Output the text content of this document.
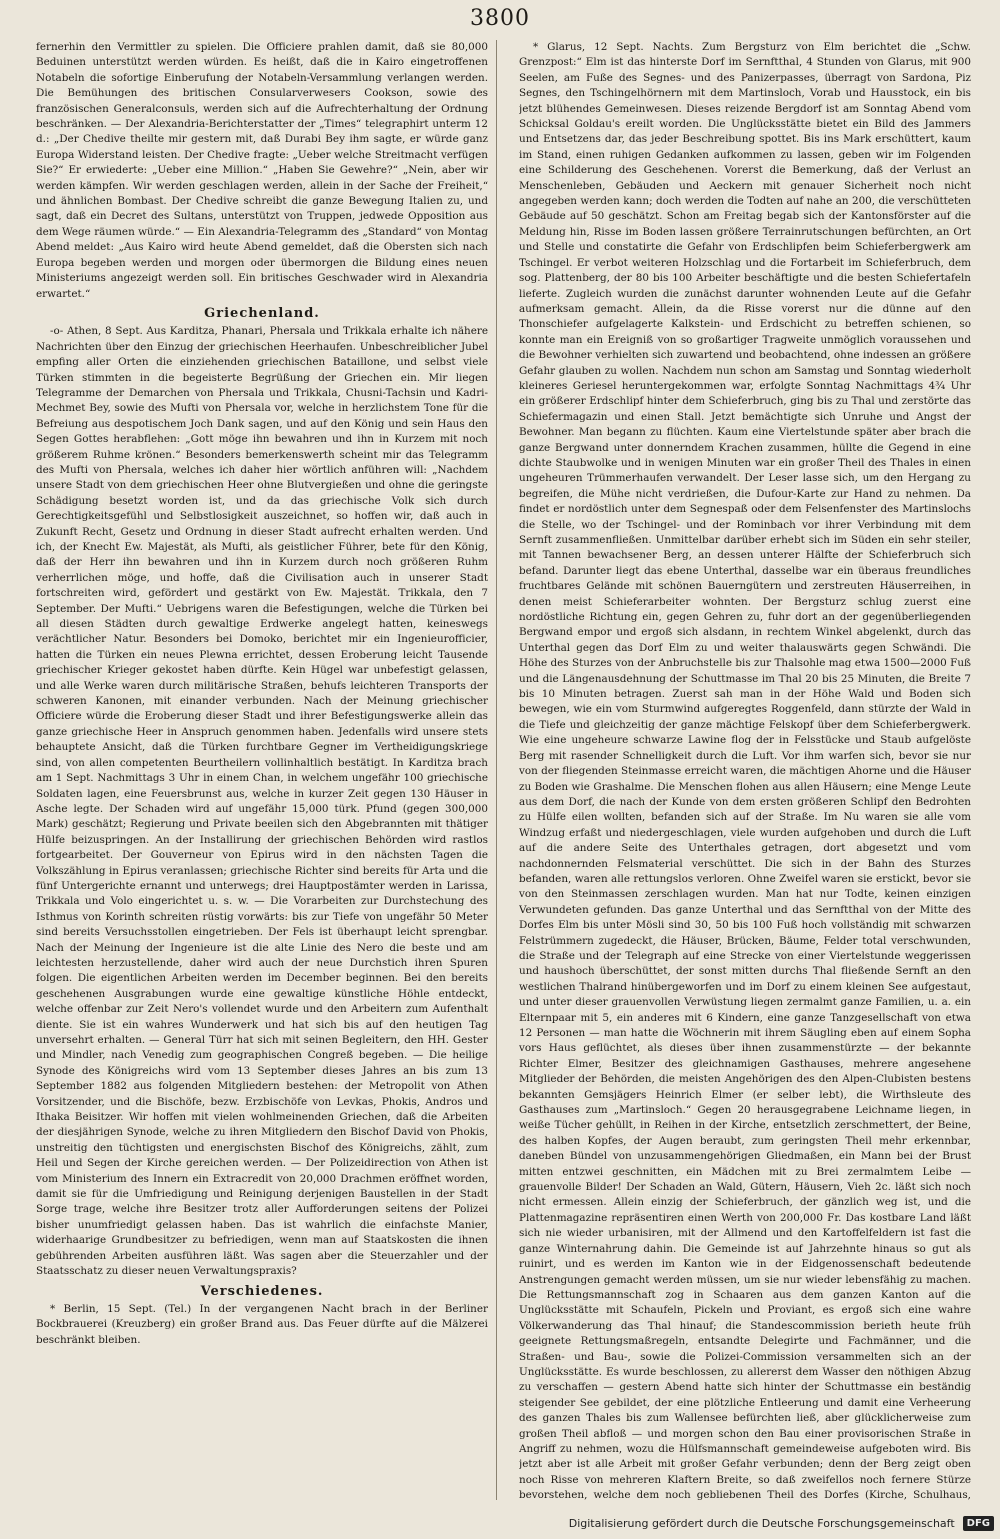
3800

fernerhin den Vermittler zu spielen. Die Officiere prahlen damit, daß sie 80,000 Beduinen unterstützt werden würden. Es heißt, daß die in Kairo eingetroffenen Notabeln die sofortige Einberufung der Notabeln-Versammlung verlangen werden. Die Bemühungen des britischen Consularverwesers Cookson, sowie des französischen Generalconsuls, werden sich auf die Aufrechterhaltung der Ordnung beschränken. — Der Alexandria-Berichterstatter der „Times“ telegraphirt unterm 12 d.: „Der Chedive theilte mir gestern mit, daß Durabi Bey ihm sagte, er würde ganz Europa Widerstand leisten. Der Chedive fragte: „Ueber welche Streitmacht verfügen Sie?“ Er erwiederte: „Ueber eine Million.“ „Haben Sie Gewehre?“ „Nein, aber wir werden kämpfen. Wir werden geschlagen werden, allein in der Sache der Freiheit,“ und ähnlichen Bombast. Der Chedive schreibt die ganze Bewegung Italien zu, und sagt, daß ein Decret des Sultans, unterstützt von Truppen, jedwede Opposition aus dem Wege räumen würde.“ — Ein Alexandria-Telegramm des „Standard“ von Montag Abend meldet: „Aus Kairo wird heute Abend gemeldet, daß die Obersten sich nach Europa begeben werden und morgen oder übermorgen die Bildung eines neuen Ministeriums angezeigt werden soll. Ein britisches Geschwader wird in Alexandria erwartet.“

Griechenland.

-o- Athen, 8 Sept. Aus Karditza, Phanari, Phersala und Trikkala erhalte ich nähere Nachrichten über den Einzug der griechischen Heerhaufen. Unbeschreiblicher Jubel empfing aller Orten die einziehenden griechischen Bataillone, und selbst viele Türken stimmten in die begeisterte Begrüßung der Griechen ein. Mir liegen Telegramme der Demarchen von Phersala und Trikkala, Chusni-Tachsin und Kadri-Mechmet Bey, sowie des Mufti von Phersala vor, welche in herzlichstem Tone für die Befreiung aus despotischem Joch Dank sagen, und auf den König und sein Haus den Segen Gottes herabflehen: „Gott möge ihn bewahren und ihn in Kurzem mit noch größerem Ruhme krönen.“ Besonders bemerkenswerth scheint mir das Telegramm des Mufti von Phersala, welches ich daher hier wörtlich anführen will: „Nachdem unsere Stadt von dem griechischen Heer ohne Blutvergießen und ohne die geringste Schädigung besetzt worden ist, und da das griechische Volk sich durch Gerechtigkeitsgefühl und Selbstlosigkeit auszeichnet, so hoffen wir, daß auch in Zukunft Recht, Gesetz und Ordnung in dieser Stadt aufrecht erhalten werden. Und ich, der Knecht Ew. Majestät, als Mufti, als geistlicher Führer, bete für den König, daß der Herr ihn bewahren und ihn in Kurzem durch noch größeren Ruhm verherrlichen möge, und hoffe, daß die Civilisation auch in unserer Stadt fortschreiten wird, gefördert und gestärkt von Ew. Majestät. Trikkala, den 7 September. Der Mufti.“ Uebrigens waren die Befestigungen, welche die Türken bei all diesen Städten durch gewaltige Erdwerke angelegt hatten, keineswegs verächtlicher Natur. Besonders bei Domoko, berichtet mir ein Ingenieurofficier, hatten die Türken ein neues Plewna errichtet, dessen Eroberung leicht Tausende griechischer Krieger gekostet haben dürfte. Kein Hügel war unbefestigt gelassen, und alle Werke waren durch militärische Straßen, behufs leichteren Transports der schweren Kanonen, mit einander verbunden. Nach der Meinung griechischer Officiere würde die Eroberung dieser Stadt und ihrer Befestigungswerke allein das ganze griechische Heer in Anspruch genommen haben. Jedenfalls wird unsere stets behauptete Ansicht, daß die Türken furchtbare Gegner im Vertheidigungskriege sind, von allen competenten Beurtheilern vollinhaltlich bestätigt. In Karditza brach am 1 Sept. Nachmittags 3 Uhr in einem Chan, in welchem ungefähr 100 griechische Soldaten lagen, eine Feuersbrunst aus, welche in kurzer Zeit gegen 130 Häuser in Asche legte. Der Schaden wird auf ungefähr 15,000 türk. Pfund (gegen 300,000 Mark) geschätzt; Regierung und Private beeilen sich den Abgebrannten mit thätiger Hülfe beizuspringen. An der Installirung der griechischen Behörden wird rastlos fortgearbeitet. Der Gouverneur von Epirus wird in den nächsten Tagen die Volkszählung in Epirus veranlassen; griechische Richter sind bereits für Arta und die fünf Untergerichte ernannt und unterwegs; drei Hauptpostämter werden in Larissa, Trikkala und Volo eingerichtet u. s. w. — Die Vorarbeiten zur Durchstechung des Isthmus von Korinth schreiten rüstig vorwärts: bis zur Tiefe von ungefähr 50 Meter sind bereits Versuchsstollen eingetrieben. Der Fels ist überhaupt leicht sprengbar. Nach der Meinung der Ingenieure ist die alte Linie des Nero die beste und am leichtesten herzustellende, daher wird auch der neue Durchstich ihren Spuren folgen. Die eigentlichen Arbeiten werden im December beginnen. Bei den bereits geschehenen Ausgrabungen wurde eine gewaltige künstliche Höhle entdeckt, welche offenbar zur Zeit Nero's vollendet wurde und den Arbeitern zum Aufenthalt diente. Sie ist ein wahres Wunderwerk und hat sich bis auf den heutigen Tag unversehrt erhalten. — General Türr hat sich mit seinen Begleitern, den HH. Gester und Mindler, nach Venedig zum geographischen Congreß begeben. — Die heilige Synode des Königreichs wird vom 13 September dieses Jahres an bis zum 13 September 1882 aus folgenden Mitgliedern bestehen: der Metropolit von Athen Vorsitzender, und die Bischöfe, bezw. Erzbischöfe von Levkas, Phokis, Andros und Ithaka Beisitzer. Wir hoffen mit vielen wohlmeinenden Griechen, daß die Arbeiten der diesjährigen Synode, welche zu ihren Mitgliedern den Bischof David von Phokis, unstreitig den tüchtigsten und energischsten Bischof des Königreichs, zählt, zum Heil und Segen der Kirche gereichen werden. — Der Polizeidirection von Athen ist vom Ministerium des Innern ein Extracredit von 20,000 Drachmen eröffnet worden, damit sie für die Umfriedigung und Reinigung derjenigen Baustellen in der Stadt Sorge trage, welche ihre Besitzer trotz aller Aufforderungen seitens der Polizei bisher unumfriedigt gelassen haben. Das ist wahrlich die einfachste Manier, widerhaarige Grundbesitzer zu befriedigen, wenn man auf Staatskosten die ihnen gebührenden Arbeiten ausführen läßt. Was sagen aber die Steuerzahler und der Staatsschatz zu dieser neuen Verwaltungspraxis?

Verschiedenes.

* Berlin, 15 Sept. (Tel.) In der vergangenen Nacht brach in der Berliner Bockbrauerei (Kreuzberg) ein großer Brand aus. Das Feuer dürfte auf die Mälzerei beschränkt bleiben.

* Glarus, 12 Sept. Nachts. Zum Bergsturz von Elm berichtet die „Schw. Grenzpost:“ Elm ist das hinterste Dorf im Sernftthal, 4 Stunden von Glarus, mit 900 Seelen, am Fuße des Segnes- und des Panizerpasses, überragt von Sardona, Piz Segnes, den Tschingelhörnern mit dem Martinsloch, Vorab und Hausstock, ein bis jetzt blühendes Gemeinwesen. Dieses reizende Bergdorf ist am Sonntag Abend vom Schicksal Goldau's ereilt worden. Die Unglücksstätte bietet ein Bild des Jammers und Entsetzens dar, das jeder Beschreibung spottet. Bis ins Mark erschüttert, kaum im Stand, einen ruhigen Gedanken aufkommen zu lassen, geben wir im Folgenden eine Schilderung des Geschehenen. Vorerst die Bemerkung, daß der Verlust an Menschenleben, Gebäuden und Aeckern mit genauer Sicherheit noch nicht angegeben werden kann; doch werden die Todten auf nahe an 200, die verschütteten Gebäude auf 50 geschätzt. Schon am Freitag begab sich der Kantonsförster auf die Meldung hin, Risse im Boden lassen größere Terrainrutschungen befürchten, an Ort und Stelle und constatirte die Gefahr von Erdschlipfen beim Schieferbergwerk am Tschingel. Er verbot weiteren Holzschlag und die Fortarbeit im Schieferbruch, dem sog. Plattenberg, der 80 bis 100 Arbeiter beschäftigte und die besten Schiefertafeln lieferte. Zugleich wurden die zunächst darunter wohnenden Leute auf die Gefahr aufmerksam gemacht. Allein, da die Risse vorerst nur die dünne auf den Thonschiefer aufgelagerte Kalkstein- und Erdschicht zu betreffen schienen, so konnte man ein Ereigniß von so großartiger Tragweite unmöglich voraussehen und die Bewohner verhielten sich zuwartend und beobachtend, ohne indessen an größere Gefahr glauben zu wollen. Nachdem nun schon am Samstag und Sonntag wiederholt kleineres Geriesel heruntergekommen war, erfolgte Sonntag Nachmittags 4¾ Uhr ein größerer Erdschlipf hinter dem Schieferbruch, ging bis zu Thal und zerstörte das Schiefermagazin und einen Stall. Jetzt bemächtigte sich Unruhe und Angst der Bewohner. Man begann zu flüchten. Kaum eine Viertelstunde später aber brach die ganze Bergwand unter donnerndem Krachen zusammen, hüllte die Gegend in eine dichte Staubwolke und in wenigen Minuten war ein großer Theil des Thales in einen ungeheuren Trümmerhaufen verwandelt. Der Leser lasse sich, um den Hergang zu begreifen, die Mühe nicht verdrießen, die Dufour-Karte zur Hand zu nehmen. Da findet er nordöstlich unter dem Segnespaß oder dem Felsenfenster des Martinslochs die Stelle, wo der Tschingel- und der Rominbach vor ihrer Verbindung mit dem Sernft zusammenfließen. Unmittelbar darüber erhebt sich im Süden ein sehr steiler, mit Tannen bewachsener Berg, an dessen unterer Hälfte der Schieferbruch sich befand. Darunter liegt das ebene Unterthal, dasselbe war ein überaus freundliches fruchtbares Gelände mit schönen Bauerngütern und zerstreuten Häuserreihen, in denen meist Schieferarbeiter wohnten. Der Bergsturz schlug zuerst eine nordöstliche Richtung ein, gegen Gehren zu, fuhr dort an der gegenüberliegenden Bergwand empor und ergoß sich alsdann, in rechtem Winkel abgelenkt, durch das Unterthal gegen das Dorf Elm zu und weiter thalauswärts gegen Schwändi. Die Höhe des Sturzes von der Anbruchstelle bis zur Thalsohle mag etwa 1500—2000 Fuß und die Längenausdehnung der Schuttmasse im Thal 20 bis 25 Minuten, die Breite 7 bis 10 Minuten betragen. Zuerst sah man in der Höhe Wald und Boden sich bewegen, wie ein vom Sturmwind aufgeregtes Roggenfeld, dann stürzte der Wald in die Tiefe und gleichzeitig der ganze mächtige Felskopf über dem Schieferbergwerk. Wie eine ungeheure schwarze Lawine flog der in Felsstücke und Staub aufgelöste Berg mit rasender Schnelligkeit durch die Luft. Vor ihm warfen sich, bevor sie nur von der fliegenden Steinmasse erreicht waren, die mächtigen Ahorne und die Häuser zu Boden wie Grashalme. Die Menschen flohen aus allen Häusern; eine Menge Leute aus dem Dorf, die nach der Kunde von dem ersten größeren Schlipf den Bedrohten zu Hülfe eilen wollten, befanden sich auf der Straße. Im Nu waren sie alle vom Windzug erfaßt und niedergeschlagen, viele wurden aufgehoben und durch die Luft auf die andere Seite des Unterthales getragen, dort abgesetzt und vom nachdonnernden Felsmaterial verschüttet. Die sich in der Bahn des Sturzes befanden, waren alle rettungslos verloren. Ohne Zweifel waren sie erstickt, bevor sie von den Steinmassen zerschlagen wurden. Man hat nur Todte, keinen einzigen Verwundeten gefunden. Das ganze Unterthal und das Sernftthal von der Mitte des Dorfes Elm bis unter Mösli sind 30, 50 bis 100 Fuß hoch vollständig mit schwarzen Felstrümmern zugedeckt, die Häuser, Brücken, Bäume, Felder total verschwunden, die Straße und der Telegraph auf eine Strecke von einer Viertelstunde weggerissen und haushoch überschüttet, der sonst mitten durchs Thal fließende Sernft an den westlichen Thalrand hinübergeworfen und im Dorf zu einem kleinen See aufgestaut, und unter dieser grauenvollen Verwüstung liegen zermalmt ganze Familien, u. a. ein Elternpaar mit 5, ein anderes mit 6 Kindern, eine ganze Tanzgesellschaft von etwa 12 Personen — man hatte die Wöchnerin mit ihrem Säugling eben auf einem Sopha vors Haus geflüchtet, als dieses über ihnen zusammenstürzte — der bekannte Richter Elmer, Besitzer des gleichnamigen Gasthauses, mehrere angesehene Mitglieder der Behörden, die meisten Angehörigen des den Alpen-Clubisten bestens bekannten Gemsjägers Heinrich Elmer (er selber lebt), die Wirthsleute des Gasthauses zum „Martinsloch.“ Gegen 20 herausgegrabene Leichname liegen, in weiße Tücher gehüllt, in Reihen in der Kirche, entsetzlich zerschmettert, der Beine, des halben Kopfes, der Augen beraubt, zum geringsten Theil mehr erkennbar, daneben Bündel von unzusammengehörigen Gliedmaßen, ein Mann bei der Brust mitten entzwei geschnitten, ein Mädchen mit zu Brei zermalmtem Leibe — grauenvolle Bilder! Der Schaden an Wald, Gütern, Häusern, Vieh 2c. läßt sich noch nicht ermessen. Allein einzig der Schieferbruch, der gänzlich weg ist, und die Plattenmagazine repräsentiren einen Werth von 200,000 Fr. Das kostbare Land läßt sich nie wieder urbanisiren, mit der Allmend und den Kartoffelfeldern ist fast die ganze Winternahrung dahin. Die Gemeinde ist auf Jahrzehnte hinaus so gut als ruinirt, und es werden im Kanton wie in der Eidgenossenschaft bedeutende Anstrengungen gemacht werden müssen, um sie nur wieder lebensfähig zu machen. Die Rettungsmannschaft zog in Schaaren aus dem ganzen Kanton auf die Unglücksstätte mit Schaufeln, Pickeln und Proviant, es ergoß sich eine wahre Völkerwanderung das Thal hinauf; die Standescommission berieth heute früh geeignete Rettungsmaßregeln, entsandte Delegirte und Fachmänner, und die Straßen- und Bau-, sowie die Polizei-Commission versammelten sich an der Unglücksstätte. Es wurde beschlossen, zu allererst dem Wasser den nöthigen Abzug zu verschaffen — gestern Abend hatte sich hinter der Schuttmasse ein beständig steigender See gebildet, der eine plötzliche Entleerung und damit eine Verheerung des ganzen Thales bis zum Wallensee befürchten ließ, aber glücklicherweise zum großen Theil abfloß — und morgen schon den Bau einer provisorischen Straße in Angriff zu nehmen, wozu die Hülfsmannschaft gemeindeweise aufgeboten wird. Bis jetzt aber ist alle Arbeit mit großer Gefahr verbunden; denn der Berg zeigt oben noch Risse von mehreren Klaftern Breite, so daß zweifellos noch fernere Stürze bevorstehen, welche dem noch gebliebenen Theil des Dorfes (Kirche, Schulhaus,

Digitalisierung gefördert durch die Deutsche Forschungsgemeinschaft	DFG
